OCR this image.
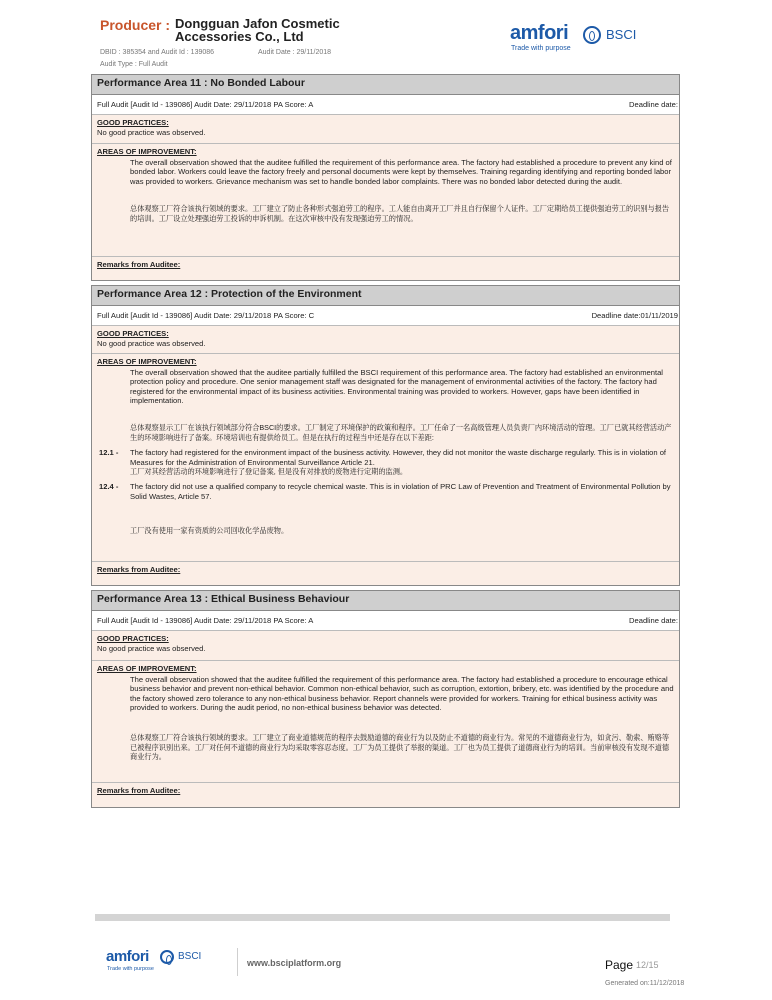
Producer : Dongguan Jafon Cosmetic Accessories Co., Ltd
DBID : 385354 and Audit Id : 139086	Audit Date : 29/11/2018
Audit Type : Full Audit
amfori	BSCI
Trade with purpose
Performance Area 11 : No Bonded Labour
Full Audit [Audit Id - 139086] Audit Date: 29/11/2018 PA Score: A	Deadline date:
GOOD PRACTICES:
No good practice was observed.
AREAS OF IMPROVEMENT:
The overall observation showed that the auditee fulfilled the requirement of this performance area. The factory had established a procedure to prevent any kind of bonded labor. Workers could leave the factory freely and personal documents were kept by themselves. Training regarding identifying and reporting bonded labor was provided to workers. Grievance mechanism was set to handle bonded labor complaints. There was no bonded labor detected during the audit.
总体观察工厂符合该执行领域的要求。工厂建立了防止各种形式强迫劳工的程序。工人能自由离开工厂并且自行保留个人证件。工厂定期给员工提供强迫劳工的识别与报告的培训。工厂设立处理强迫劳工投诉的申诉机制。在这次审核中没有发现强迫劳工的情况。
Remarks from Auditee:
Performance Area 12 : Protection of the Environment
Full Audit [Audit Id - 139086] Audit Date: 29/11/2018 PA Score: C	Deadline date:01/11/2019
GOOD PRACTICES:
No good practice was observed.
AREAS OF IMPROVEMENT:
The overall observation showed that the auditee partially fulfilled the BSCI requirement of this performance area. The factory had established an environmental protection policy and procedure. One senior management staff was designated for the management of environmental activities of the factory. The factory had registered for the environmental impact of its business activities. Environmental training was provided to workers. However, gaps have been identified in implementation.
总体观察显示工厂在该执行领域部分符合BSCI的要求。工厂制定了环境保护的政策和程序。工厂任命了一名高级管理人员负责厂内环境活动的管理。工厂已就其经营活动产生的环境影响进行了备案。环境培训也有提供给员工。但是在执行的过程当中还是存在以下差距:
12.1 - The factory had registered for the environment impact of the business activity. However, they did not monitor the waste discharge regularly. This is in violation of Measures for the Administration of Environmental Surveillance Article 21.
工厂对其经营活动的环境影响进行了登记备案, 但是没有对排放的废物进行定期的监测。
12.4 - The factory did not use a qualified company to recycle chemical waste. This is in violation of PRC Law of Prevention and Treatment of Environmental Pollution by Solid Wastes, Article 57.
工厂没有使用一家有资质的公司回收化学品废物。
Remarks from Auditee:
Performance Area 13 : Ethical Business Behaviour
Full Audit [Audit Id - 139086] Audit Date: 29/11/2018 PA Score: A	Deadline date:
GOOD PRACTICES:
No good practice was observed.
AREAS OF IMPROVEMENT:
The overall observation showed that the auditee fulfilled the requirement of this performance area. The factory had established a procedure to encourage ethical business behavior and prevent non-ethical behavior. Common non-ethical behavior, such as corruption, extortion, bribery, etc. was identified by the procedure and the factory showed zero tolerance to any non-ethical business behavior. Report channels were provided for workers. Training for ethical business activity was provided to workers. During the audit period, no non-ethical business behavior was detected.
总体观察工厂符合该执行领域的要求。工厂建立了商业道德规范的程序去鼓励道德的商业行为以及防止不道德的商业行为。常见的不道德商业行为，如贪污、勒索、贿赂等已被程序识别出来。工厂对任何不道德的商业行为均采取零容忍态度。工厂为员工提供了举报的渠道。工厂也为员工提供了道德商业行为的培训。当前审核没有发现不道德商业行为。
Remarks from Auditee:
amfori	BSCI
Trade with purpose
www.bsciplatform.org	Page 12/15
Generated on:11/12/2018
